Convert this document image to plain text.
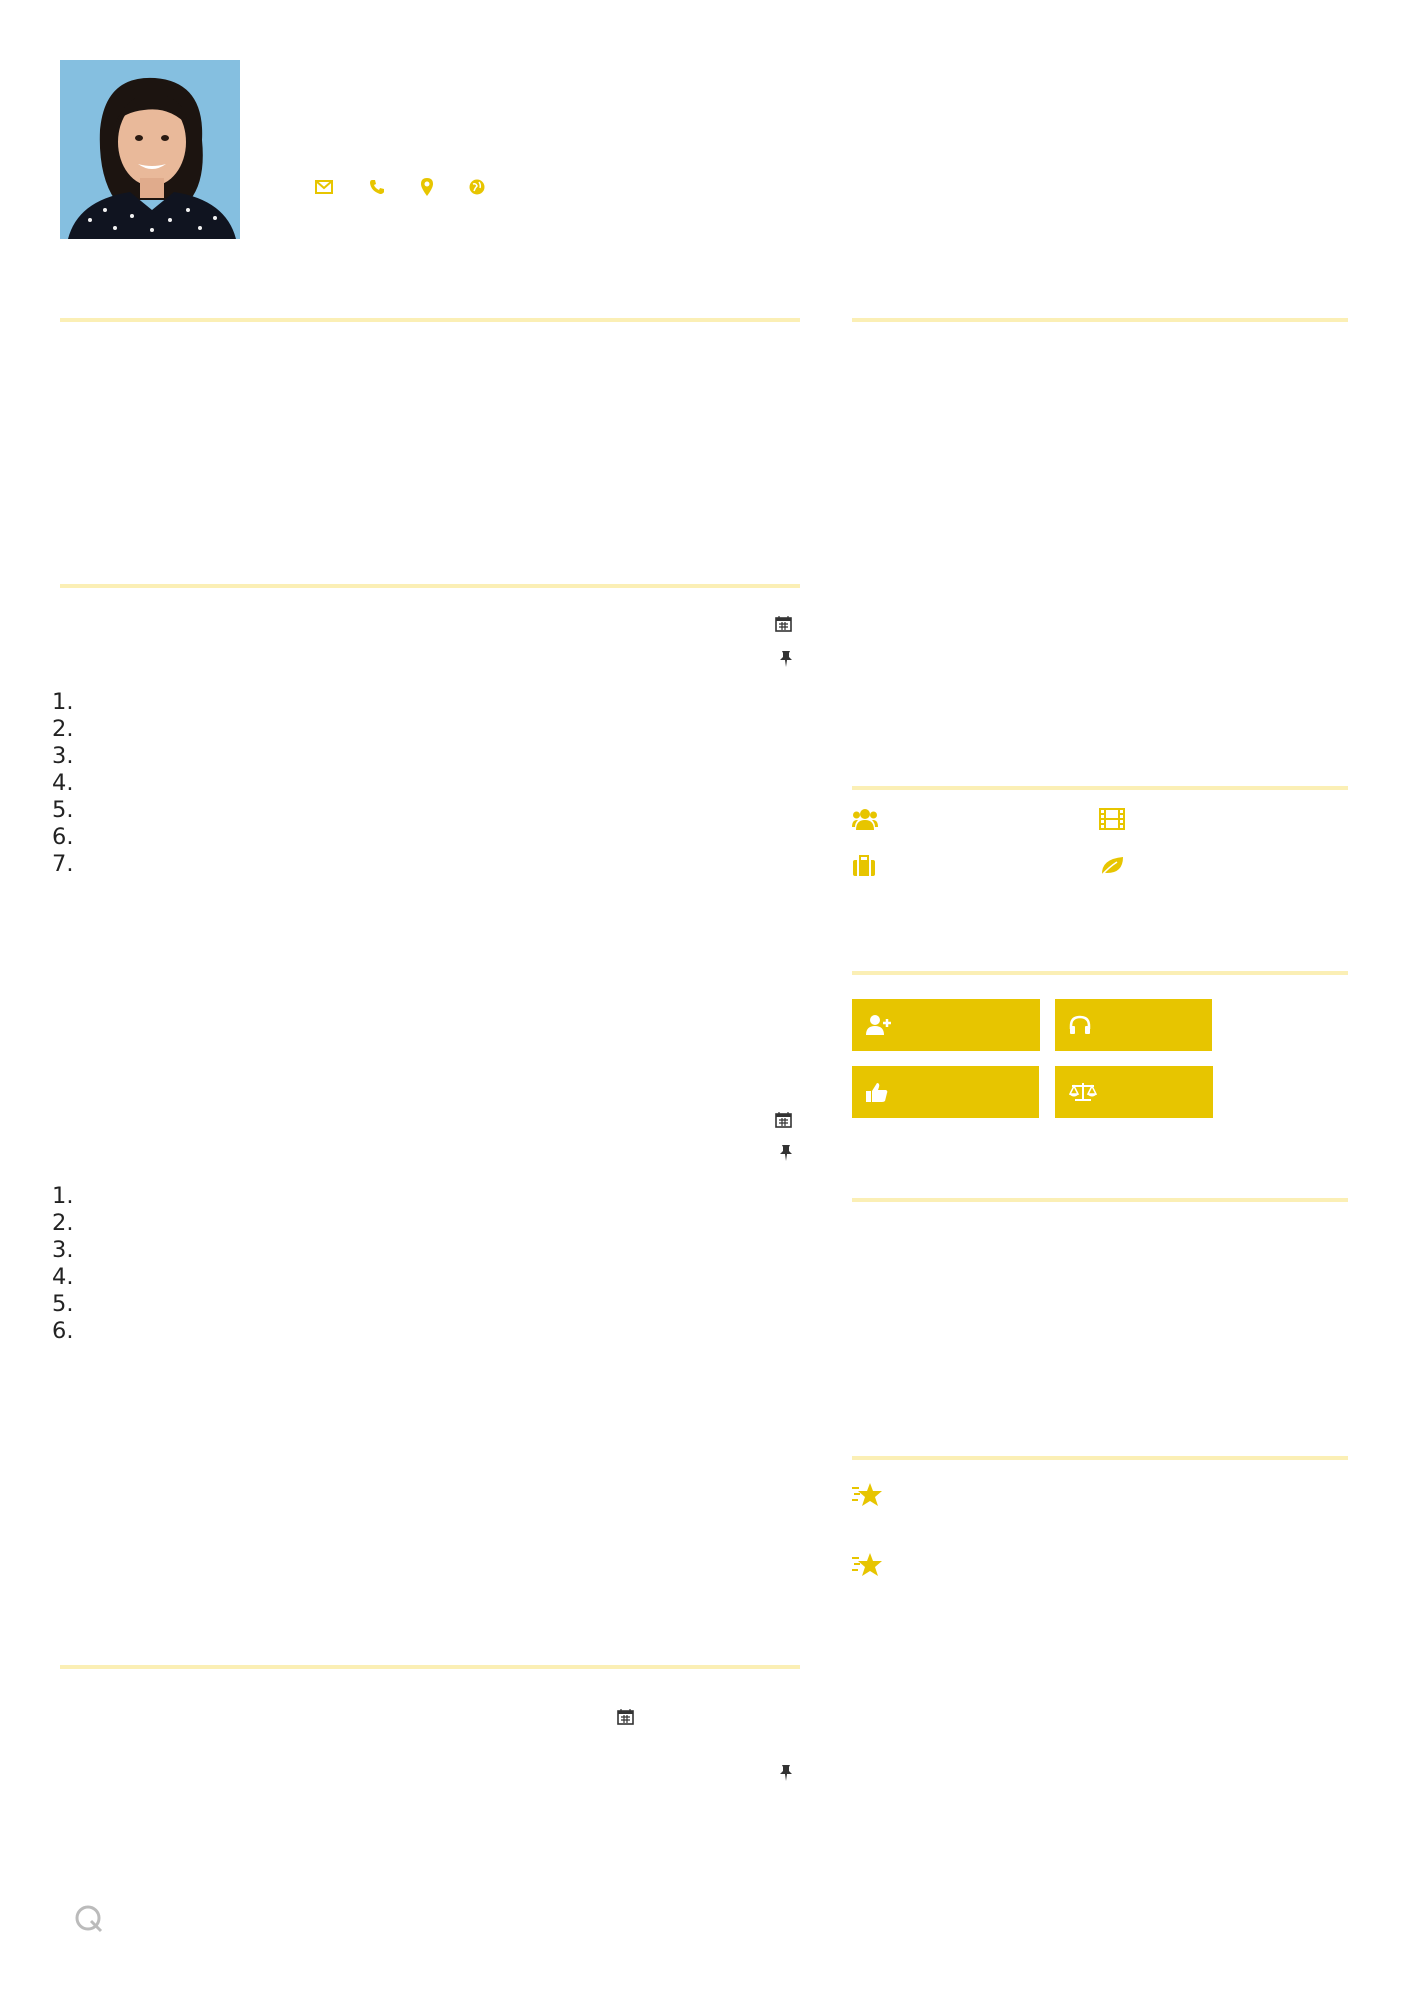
1.
2.
3.
4.
5.
6.
7.
1.
2.
3.
4.
5.
6.
